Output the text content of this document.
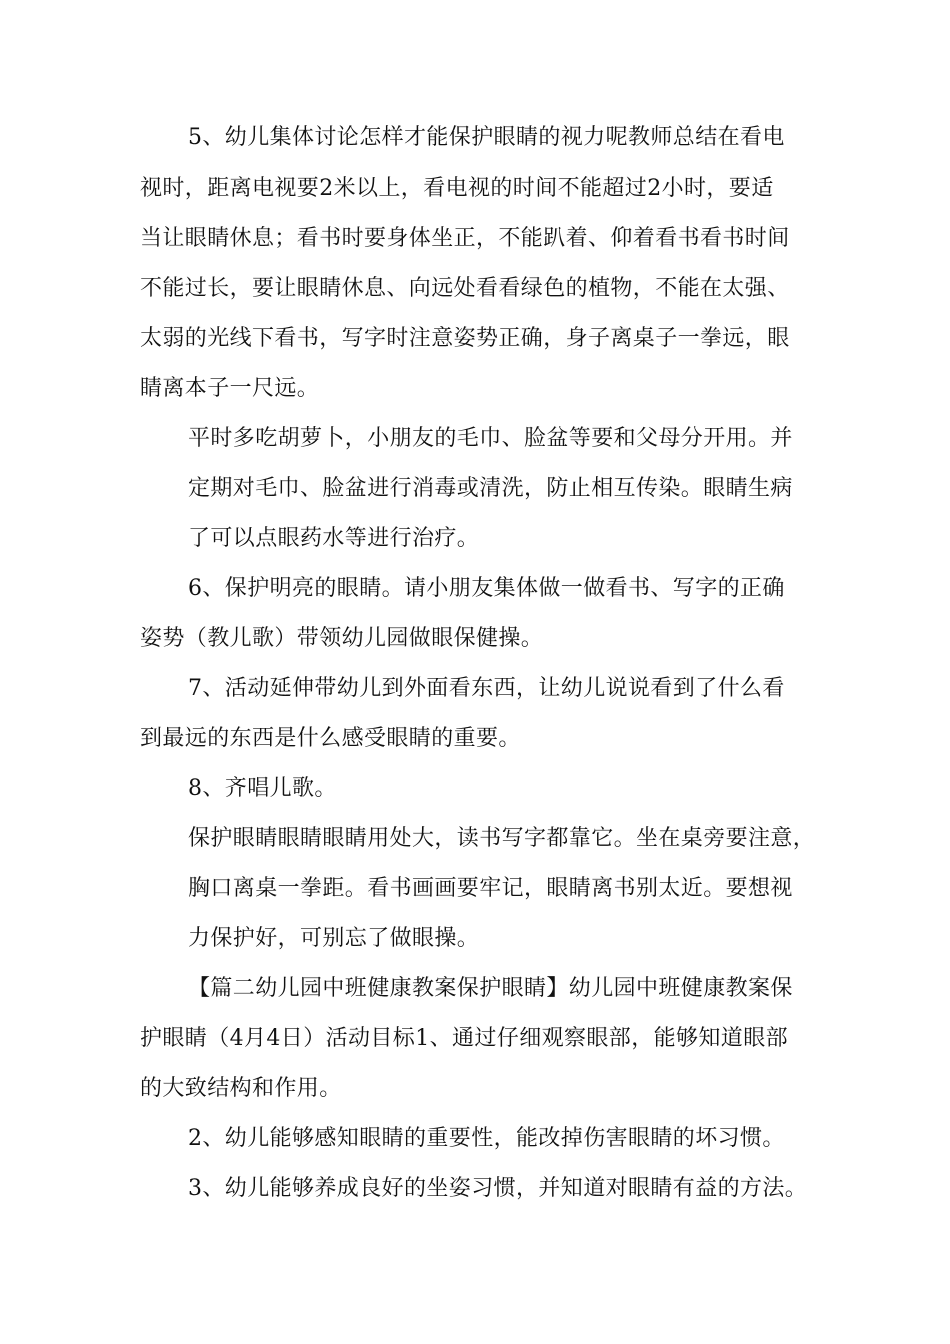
5、幼儿集体讨论怎样才能保护眼睛的视力呢教师总结在看电
视时，距离电视要2米以上，看电视的时间不能超过2小时，要适
当让眼睛休息；看书时要身体坐正，不能趴着、仰着看书看书时间
不能过长，要让眼睛休息、向远处看看绿色的植物，不能在太强、
太弱的光线下看书，写字时注意姿势正确，身子离桌子一拳远，眼
睛离本子一尺远。
平时多吃胡萝卜，小朋友的毛巾、脸盆等要和父母分开用。并
定期对毛巾、脸盆进行消毒或清洗，防止相互传染。眼睛生病
了可以点眼药水等进行治疗。
6、保护明亮的眼睛。请小朋友集体做一做看书、写字的正确
姿势（教儿歌）带领幼儿园做眼保健操。
7、活动延伸带幼儿到外面看东西，让幼儿说说看到了什么看
到最远的东西是什么感受眼睛的重要。
8、齐唱儿歌。
保护眼睛眼睛眼睛用处大，读书写字都靠它。坐在桌旁要注意，
胸口离桌一拳距。看书画画要牢记，眼睛离书别太近。要想视
力保护好，可别忘了做眼操。
【篇二幼儿园中班健康教案保护眼睛】幼儿园中班健康教案保
护眼睛（4月4日）活动目标1、通过仔细观察眼部，能够知道眼部
的大致结构和作用。
2、幼儿能够感知眼睛的重要性，能改掉伤害眼睛的坏习惯。
3、幼儿能够养成良好的坐姿习惯，并知道对眼睛有益的方法。
